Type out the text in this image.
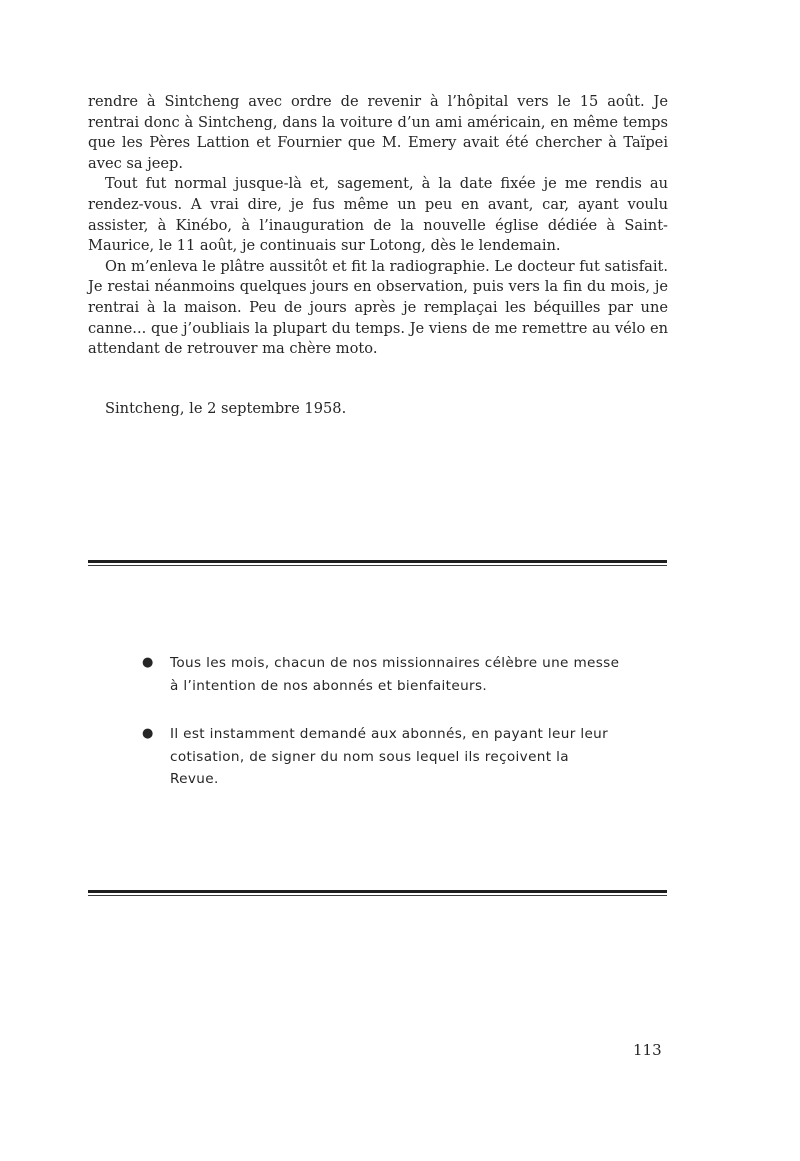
rendre à Sintcheng avec ordre de revenir à l’hôpital vers le 15 août. Je rentrai donc à Sintcheng, dans la voiture d’un ami américain, en même temps que les Pères Lattion et Fournier que M. Emery avait été chercher à Taïpei avec sa jeep.

Tout fut normal jusque-là et, sagement, à la date fixée je me rendis au rendez-vous. A vrai dire, je fus même un peu en avant, car, ayant voulu assister, à Kinébo, à l’inauguration de la nouvelle église dédiée à Saint-Maurice, le 11 août, je continuais sur Lotong, dès le lendemain.

On m’enleva le plâtre aussitôt et fit la radiographie. Le docteur fut satisfait. Je restai néanmoins quelques jours en observation, puis vers la fin du mois, je rentrai à la maison. Peu de jours après je remplaçai les béquilles par une canne... que j’oubliais la plupart du temps. Je viens de me remettre au vélo en attendant de retrouver ma chère moto.

Sintcheng, le 2 septembre 1958.

●	Tous les mois, chacun de nos missionnaires célèbre une messe à l’intention de nos abonnés et bienfaiteurs.
●	Il est instamment demandé aux abonnés, en payant leur leur cotisation, de signer du nom sous lequel ils reçoivent la Revue.

113
